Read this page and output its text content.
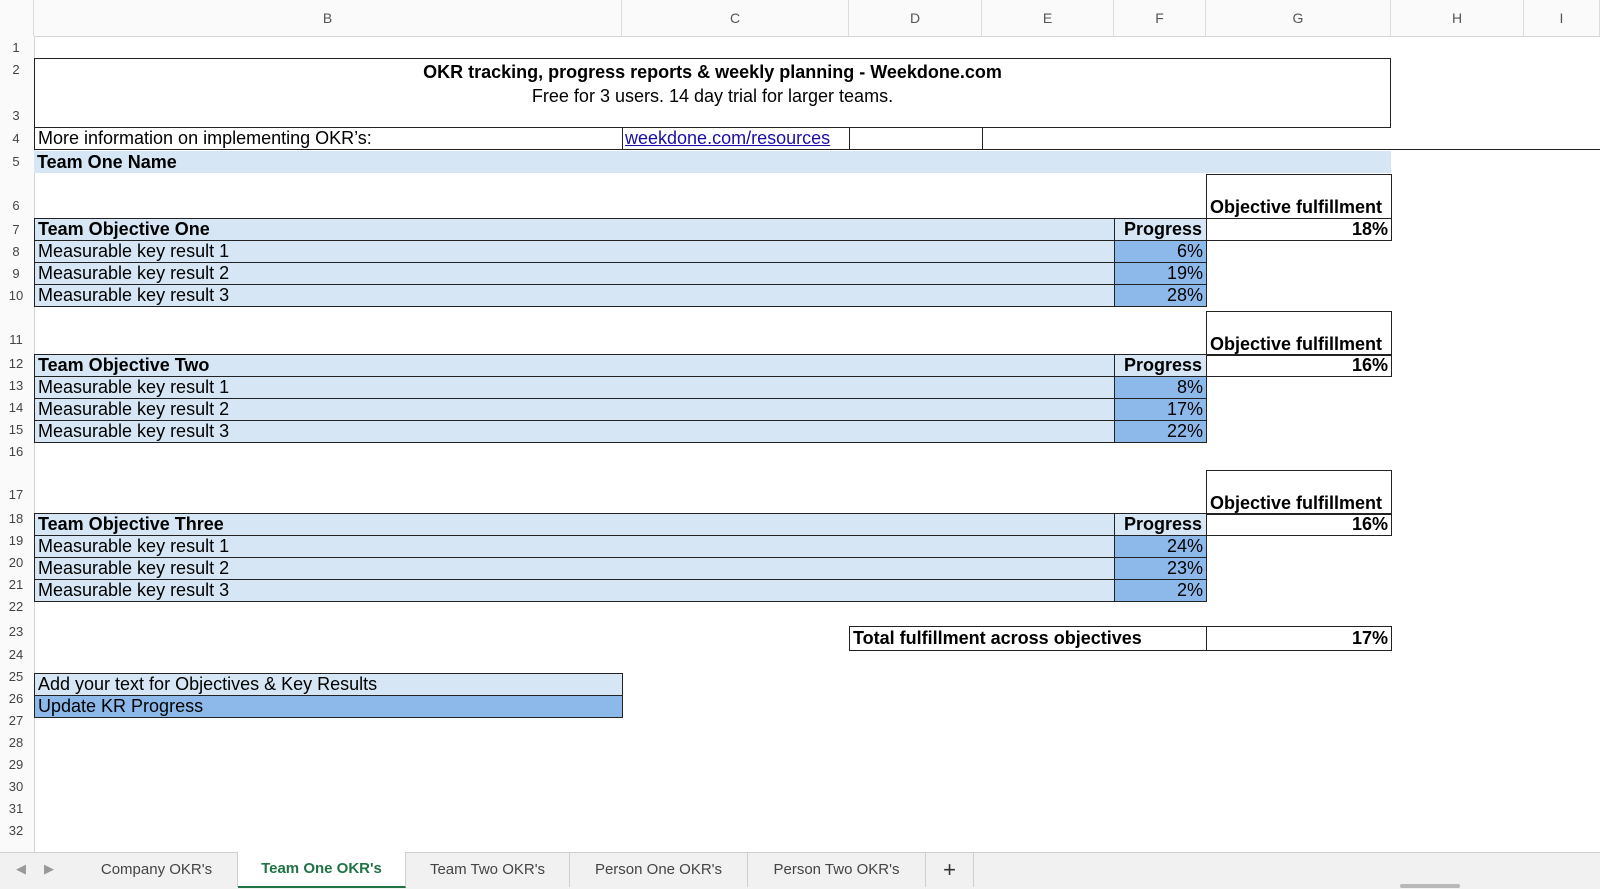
B	C	D	E	F	G	H	I
1
2
3
4
5
6
7
8
9
10
11
12
13
14
15
16
17
18
19
20
21
22
23
24
25
26
27
28
29
30
31
32
OKR tracking, progress reports & weekly planning - Weekdone.com
Free for 3 users. 14 day trial for larger teams.
More information on implementing OKR’s:	weekdone.com/resources
Team One Name
Objective fulfillment
Team Objective One	Progress	18%
Measurable key result 1	6%
Measurable key result 2	19%
Measurable key result 3	28%
Objective fulfillment
Team Objective Two	Progress	16%
Measurable key result 1	8%
Measurable key result 2	17%
Measurable key result 3	22%
Objective fulfillment
Team Objective Three	Progress	16%
Measurable key result 1	24%
Measurable key result 2	23%
Measurable key result 3	2%
Total fulfillment across objectives	17%
Add your text for Objectives & Key Results
Update KR Progress
◀ ▶	Company OKR's	Team One OKR's	Team Two OKR's	Person One OKR's	Person Two OKR's	+
